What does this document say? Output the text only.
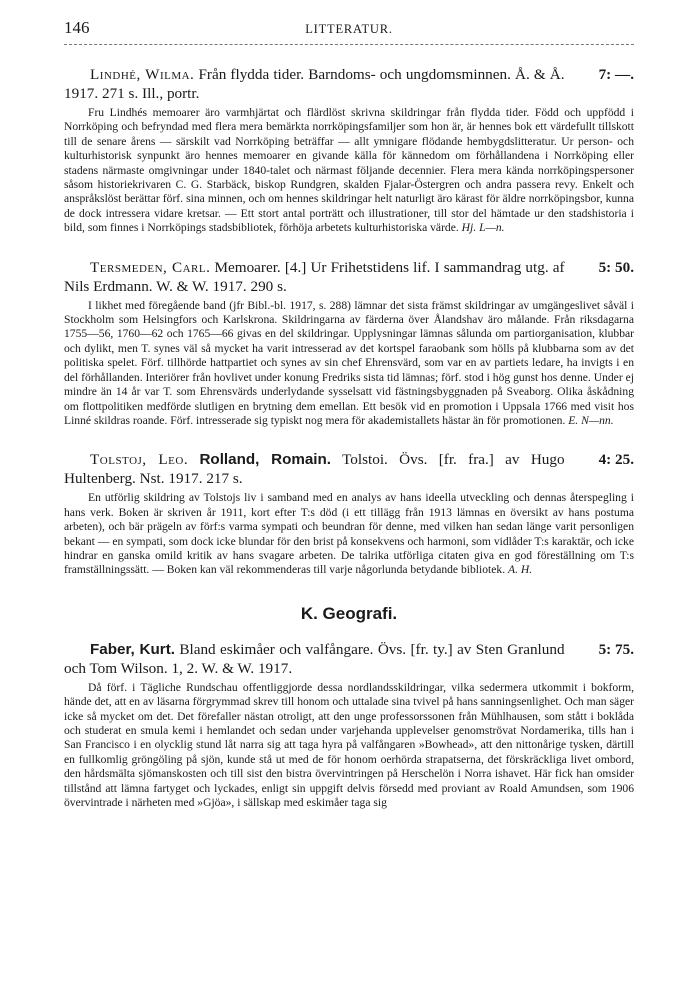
146	LITTERATUR.
7: —.
Lindhé, Wilma. Från flydda tider. Barndoms- och ungdomsminnen. Å. & Å. 1917. 271 s. Ill., portr.
Fru Lindhés memoarer äro varmhjärtat och flärdlöst skrivna skildringar från flydda tider. Född och uppfödd i Norrköping och befryndad med flera mera bemärkta norrköpingsfamiljer som hon är, är hennes bok ett värdefullt tillskott till de senare årens — särskilt vad Norrköping beträffar — allt ymnigare flödande hembygdslitteratur. Ur person- och kulturhistorisk synpunkt äro hennes memoarer en givande källa för kännedom om förhållandena i Norrköping eller stadens närmaste omgivningar under 1840-talet och närmast följande decennier. Flera mera kända norrköpingspersoner såsom historiekrivaren C. G. Starbäck, biskop Rundgren, skalden Fjalar-Östergren och andra passera revy. Enkelt och anspråkslöst berättar förf. sina minnen, och om hennes skildringar helt naturligt äro kärast för äldre norrköpingsbor, kunna de dock intressera vidare kretsar. — Ett stort antal porträtt och illustrationer, till stor del hämtade ur den stadshistoria i bild, som finnes i Norrköpings stadsbibliotek, förhöja arbetets kulturhistoriska värde. Hj. L—n.
5: 50.
Tersmeden, Carl. Memoarer. [4.] Ur Frihetstidens lif. I sammandrag utg. af Nils Erdmann. W. & W. 1917. 290 s.
I likhet med föregående band (jfr Bibl.-bl. 1917, s. 288) lämnar det sista främst skildringar av umgängeslivet såväl i Stockholm som Helsingfors och Karlskrona. Skildringarna av färderna över Ålandshav äro målande. Från riksdagarna 1755—56, 1760—62 och 1765—66 givas en del skildringar. Upplysningar lämnas sålunda om partiorganisation, klubbar och dylikt, men T. synes väl så mycket ha varit intresserad av det kortspel faraobank som hölls på klubbarna som av det politiska spelet. Förf. tillhörde hattpartiet och synes av sin chef Ehrensvärd, som var en av partiets ledare, ha invigts i en del förhållanden. Interiörer från hovlivet under konung Fredriks sista tid lämnas; förf. stod i hög gunst hos denne. Under ej mindre än 14 år var T. som Ehrensvärds underlydande sysselsatt vid fästningsbyggnaden på Sveaborg. Olika åskådning om flottpolitiken medförde slutligen en brytning dem emellan. Ett besök vid en promotion i Uppsala 1766 med visit hos Linné skildras roande. Förf. intresserade sig typiskt nog mera för akademistallets hästar än för promotionen. E. N—nn.
4: 25.
Tolstoj, Leo. Rolland, Romain. Tolstoi. Övs. [fr. fra.] av Hugo Hultenberg. Nst. 1917. 217 s.
En utförlig skildring av Tolstojs liv i samband med en analys av hans ideella utveckling och dennas återspegling i hans verk. Boken är skriven år 1911, kort efter T:s död (i ett tillägg från 1913 lämnas en översikt av hans postuma arbeten), och bär prägeln av förf:s varma sympati och beundran för denne, med vilken han sedan länge varit personligen bekant — en sympati, som dock icke blundar för den brist på konsekvens och harmoni, som vidlåder T:s karaktär, och icke hindrar en ganska omild kritik av hans svagare arbeten. De talrika utförliga citaten giva en god föreställning om T:s framställningssätt. — Boken kan väl rekommenderas till varje någorlunda betydande bibliotek. A. H.
K. Geografi.
5: 75.
Faber, Kurt. Bland eskimåer och valfångare. Övs. [fr. ty.] av Sten Granlund och Tom Wilson. 1, 2. W. & W. 1917.
Då förf. i Tägliche Rundschau offentliggjorde dessa nordlandsskildringar, vilka sedermera utkommit i bokform, hände det, att en av läsarna förgrymmad skrev till honom och uttalade sina tvivel på hans sanningsenlighet. Och man säger icke så mycket om det. Det förefaller nästan otroligt, att den unge professorssonen från Mühlhausen, som stått i boklåda och studerat en smula kemi i hemlandet och sedan under varjehanda upplevelser genomströvat Nordamerika, tills han i San Francisco i en olycklig stund låt narra sig att taga hyra på valfångaren »Bowhead», att den nittonårige tysken, därtill en fullkomlig gröngöling på sjön, kunde stå ut med de för honom oerhörda strapatserna, det förskräckliga livet ombord, den hårdsmälta sjömanskosten och till sist den bistra övervintringen på Herschelön i Norra ishavet. Här fick han omsider tillstånd att lämna fartyget och lyckades, enligt sin uppgift delvis försedd med proviant av Roald Amundsen, som 1906 övervintrade i närheten med »Gjöa», i sällskap med eskimåer taga sig
